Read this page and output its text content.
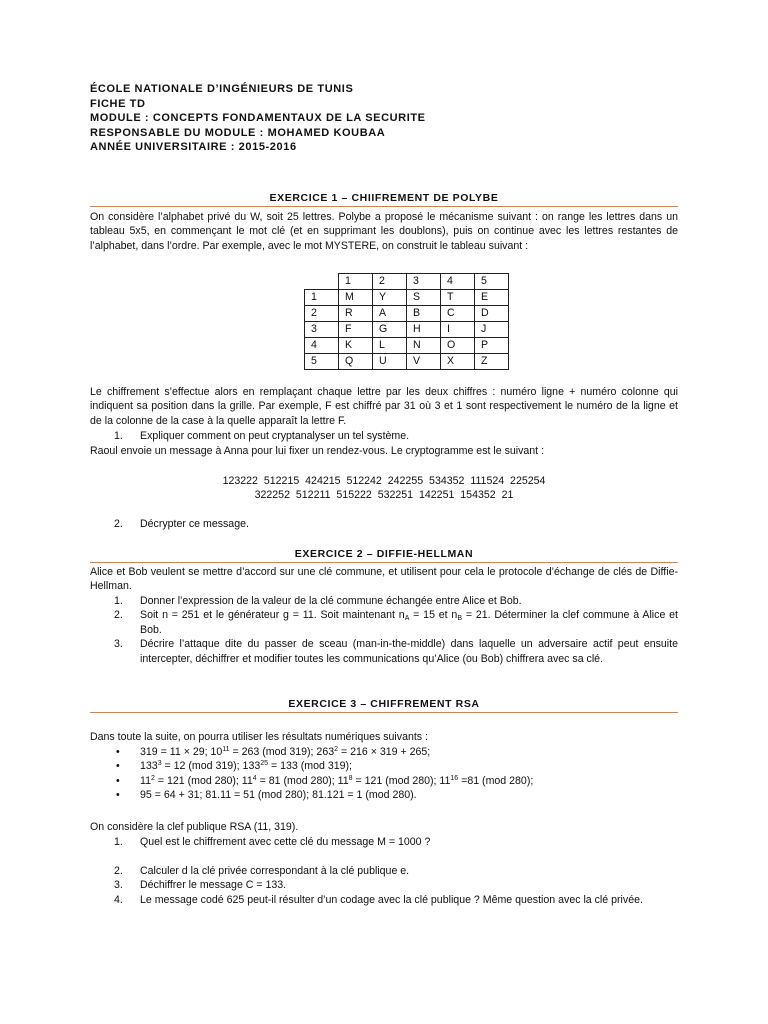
ÉCOLE NATIONALE D’INGÉNIEURS DE TUNIS
FICHE TD
MODULE : CONCEPTS FONDAMENTAUX DE LA SECURITE
RESPONSABLE DU MODULE : MOHAMED KOUBAA
ANNÉE UNIVERSITAIRE : 2015-2016
EXERCICE 1 – CHIIFREMENT DE POLYBE
On considère l’alphabet privé du W, soit 25 lettres. Polybe a proposé le mécanisme suivant : on range les lettres dans un tableau 5x5, en commençant le mot clé (et en supprimant les doublons), puis on continue avec les lettres restantes de l’alphabet, dans l’ordre. Par exemple, avec le mot MYSTERE, on construit le tableau suivant :
	1	2	3	4	5
1	M	Y	S	T	E
2	R	A	B	C	D
3	F	G	H	I	J
4	K	L	N	O	P
5	Q	U	V	X	Z
Le chiffrement s’effectue alors en remplaçant chaque lettre par les deux chiffres : numéro ligne + numéro colonne qui indiquent sa position dans la grille. Par exemple, F est chiffré par 31 où 3 et 1 sont respectivement le numéro de la ligne et de la colonne de la case à la quelle apparaît la lettre F.
1. Expliquer comment on peut cryptanalyser un tel système.
Raoul envoie un message à Anna pour lui fixer un rendez-vous. Le cryptogramme est le suivant :
123222 512215 424215 512242 242255 534352 111524 225254
322252 512211 515222 532251 142251 154352 21
2. Décrypter ce message.
EXERCICE 2 – DIFFIE-HELLMAN
Alice et Bob veulent se mettre d’accord sur une clé commune, et utilisent pour cela le protocole d’échange de clés de Diffie-Hellman.
1. Donner l’expression de la valeur de la clé commune échangée entre Alice et Bob.
2. Soit n = 251 et le générateur g = 11. Soit maintenant $n_A = 15$ et $n_B = 21$. Déterminer la clef commune à Alice et Bob.
3. Décrire l’attaque dite du passer de sceau (man-in-the-middle) dans laquelle un adversaire actif peut ensuite intercepter, déchiffrer et modifier toutes les communications qu’Alice (ou Bob) chiffrera avec sa clé.
EXERCICE 3 – CHIFFREMENT RSA
Dans toute la suite, on pourra utiliser les résultats numériques suivants :
• 319 = 11 × 29; $10^{11} = 263$ (mod 319); $263^2 = 216 \times 319 + 265$;
• $133^3 = 12$ (mod 319); $133^{25} = 133$ (mod 319);
• $11^2 = 121$ (mod 280); $11^4 = 81$ (mod 280); $11^8 = 121$ (mod 280); $11^{16} =81$ (mod 280);
• 95 = 64 + 31; 81.11 = 51 (mod 280); 81.121 = 1 (mod 280).
On considère la clef publique RSA (11, 319).
1. Quel est le chiffrement avec cette clé du message M = 1000 ?
2. Calculer d la clé privée correspondant à la clé publique e.
3. Déchiffrer le message C = 133.
4. Le message codé 625 peut-il résulter d’un codage avec la clé publique ? Même question avec la clé privée.
